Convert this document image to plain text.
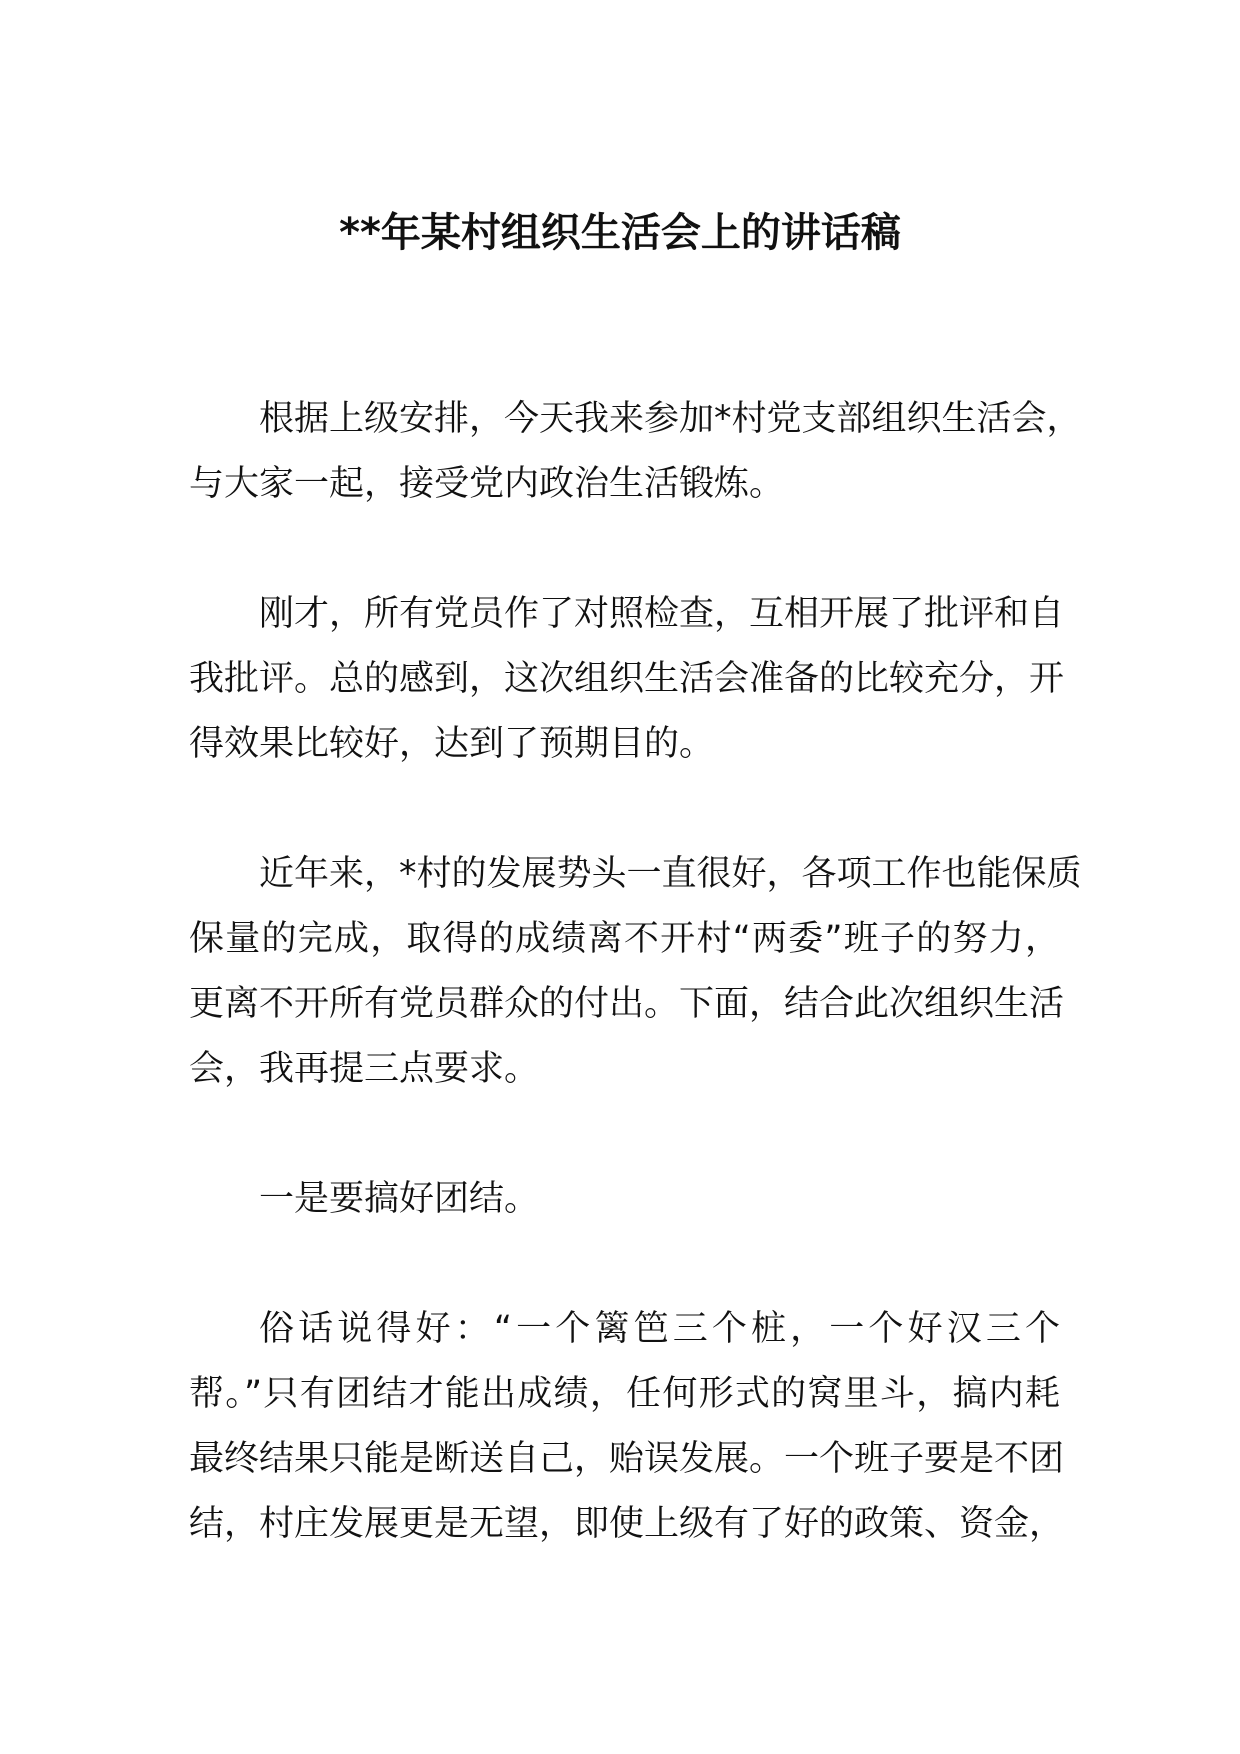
**年某村组织生活会上的讲话稿
根据上级安排，今天我来参加*村党支部组织生活会，
与大家一起，接受党内政治生活锻炼。
刚才，所有党员作了对照检查，互相开展了批评和自
我批评。总的感到，这次组织生活会准备的比较充分，开
得效果比较好，达到了预期目的。
近年来，*村的发展势头一直很好，各项工作也能保质
保量的完成，取得的成绩离不开村“两委”班子的努力，
更离不开所有党员群众的付出。下面，结合此次组织生活
会，我再提三点要求。
一是要搞好团结。
俗话说得好：“一个篱笆三个桩，一个好汉三个
帮。”只有团结才能出成绩，任何形式的窝里斗，搞内耗
最终结果只能是断送自己，贻误发展。一个班子要是不团
结，村庄发展更是无望，即使上级有了好的政策、资金，
